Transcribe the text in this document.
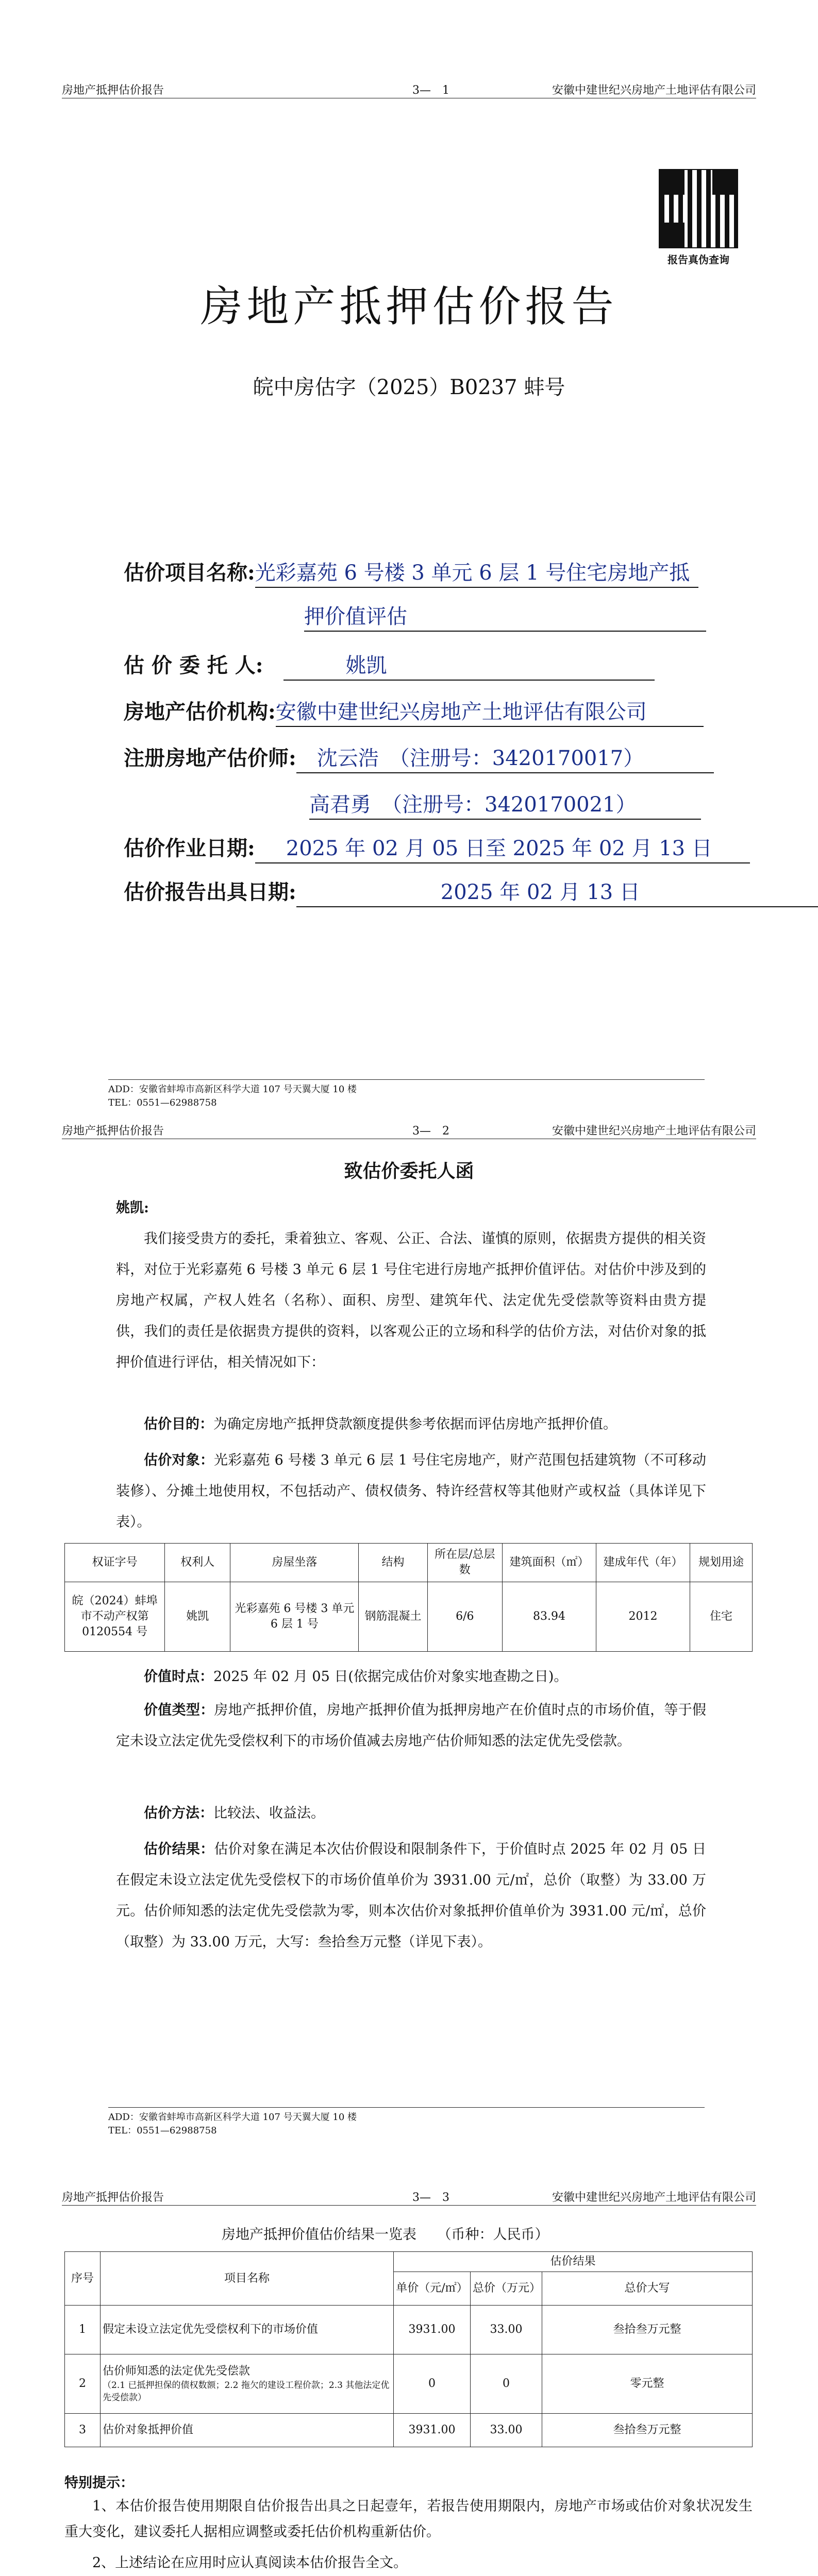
房地产抵押估价报告	3—　 1	安徽中建世纪兴房地产土地评估有限公司
报告真伪查询
房地产抵押估价报告
皖中房估字（2025）B0237 蚌号
估价项目名称:光彩嘉苑 6 号楼 3 单元 6 层 1 号住宅房地产抵
押价值评估
估 价 委 托 人:　	姚凯
房地产估价机构:安徽中建世纪兴房地产土地评估有限公司
注册房地产估价师: 沈云浩　（注册号：3420170017）
高君勇　（注册号：3420170021）
估价作业日期: 2025 年 02 月 05 日至 2025 年 02 月 13 日
估价报告出具日期:	2025 年 02 月 13 日
ADD：安徽省蚌埠市高新区科学大道 107 号天翼大厦 10 楼
TEL：0551—62988758
房地产抵押估价报告	3—　 2	安徽中建世纪兴房地产土地评估有限公司
致估价委托人函
姚凯:
我们接受贵方的委托，秉着独立、客观、公正、合法、谨慎的原则，依据贵方提供的相关资料，对位于光彩嘉苑 6 号楼 3 单元 6 层 1 号住宅进行房地产抵押价值评估。对估价中涉及到的房地产权属，产权人姓名（名称）、面积、房型、建筑年代、法定优先受偿款等资料由贵方提供，我们的责任是依据贵方提供的资料，以客观公正的立场和科学的估价方法，对估价对象的抵押价值进行评估，相关情况如下：
估价目的：为确定房地产抵押贷款额度提供参考依据而评估房地产抵押价值。
估价对象：光彩嘉苑 6 号楼 3 单元 6 层 1 号住宅房地产，财产范围包括建筑物（不可移动装修）、分摊土地使用权，不包括动产、债权债务、特许经营权等其他财产或权益（具体详见下表）。
权证字号	权利人	房屋坐落	结构	所在层/总层数	建筑面积（㎡）	建成年代（年）	规划用途
皖（2024）蚌埠市不动产权第 0120554 号	姚凯	光彩嘉苑 6 号楼 3 单元 6 层 1 号	钢筋混凝土	6/6	83.94	2012	住宅
价值时点：2025 年 02 月 05 日(依据完成估价对象实地查勘之日)。
价值类型：房地产抵押价值，房地产抵押价值为抵押房地产在价值时点的市场价值，等于假定未设立法定优先受偿权利下的市场价值减去房地产估价师知悉的法定优先受偿款。
估价方法：比较法、收益法。
估价结果：估价对象在满足本次估价假设和限制条件下，于价值时点 2025 年 02 月 05 日在假定未设立法定优先受偿权下的市场价值单价为 3931.00 元/㎡，总价（取整）为 33.00 万元。估价师知悉的法定优先受偿款为零，则本次估价对象抵押价值单价为 3931.00 元/㎡，总价（取整）为 33.00 万元，大写：叁拾叁万元整（详见下表）。
ADD：安徽省蚌埠市高新区科学大道 107 号天翼大厦 10 楼
TEL：0551—62988758
房地产抵押估价报告	3—　 3	安徽中建世纪兴房地产土地评估有限公司
房地产抵押价值估价结果一览表　　 （币种：人民币）
序号	项目名称	估价结果		
		单价（元/㎡）	总价（万元）	总价大写
1	假定未设立法定优先受偿权利下的市场价值	3931.00	33.00	叁拾叁万元整
2	估价师知悉的法定优先受偿款
（2.1 已抵押担保的债权数额；2.2 拖欠的建设工程价款；2.3 其他法定优先受偿款）	0	0	零元整
3	估价对象抵押价值	3931.00	33.00	叁拾叁万元整
特别提示：
1、本估价报告使用期限自估价报告出具之日起壹年，若报告使用期限内，房地产市场或估价对象状况发生重大变化，建议委托人据相应调整或委托估价机构重新估价。
2、上述结论在应用时应认真阅读本估价报告全文。
